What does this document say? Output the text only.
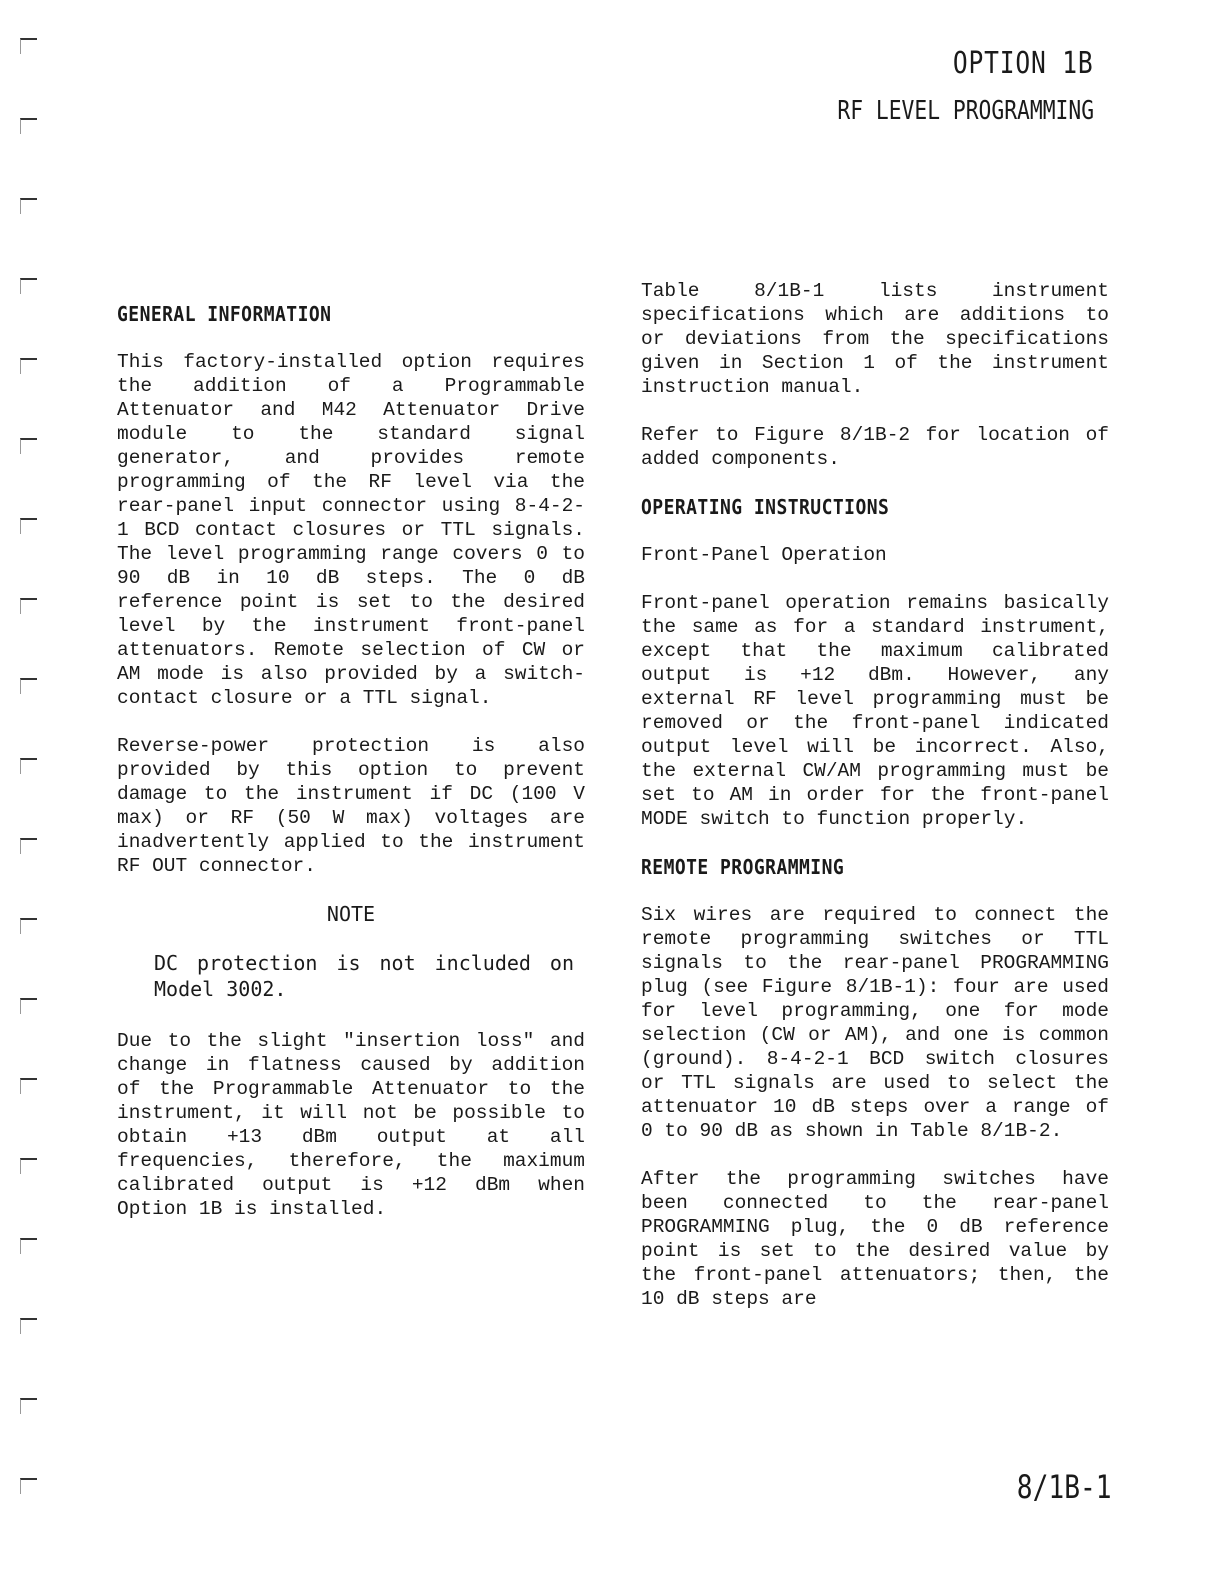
OPTION 1B
RF LEVEL PROGRAMMING
GENERAL INFORMATION

This factory-installed option requires the addition of a Programmable Attenuator and M42 Attenuator Drive module to the standard signal generator, and provides remote programming of the RF level via the rear-panel input connector using 8-4-2-1 BCD contact closures or TTL signals. The level programming range covers 0 to 90 dB in 10 dB steps. The 0 dB reference point is set to the desired level by the instrument front-panel attenuators. Remote selection of CW or AM mode is also provided by a switch-contact closure or a TTL signal.

Reverse-power protection is also provided by this option to prevent damage to the instrument if DC (100 V max) or RF (50 W max) voltages are inadvertently applied to the instrument RF OUT connector.

NOTE

DC protection is not included on Model 3002.

Due to the slight "insertion loss" and change in flatness caused by addition of the Programmable Attenuator to the instrument, it will not be possible to obtain +13 dBm output at all frequencies, therefore, the maximum calibrated output is +12 dBm when Option 1B is installed.

Table 8/1B-1 lists instrument specifications which are additions to or deviations from the specifications given in Section 1 of the instrument instruction manual.

Refer to Figure 8/1B-2 for location of added components.

OPERATING INSTRUCTIONS

Front-Panel Operation

Front-panel operation remains basically the same as for a standard instrument, except that the maximum calibrated output is +12 dBm. However, any external RF level programming must be removed or the front-panel indicated output level will be incorrect. Also, the external CW/AM programming must be set to AM in order for the front-panel MODE switch to function properly.

REMOTE PROGRAMMING

Six wires are required to connect the remote programming switches or TTL signals to the rear-panel PROGRAMMING plug (see Figure 8/1B-1): four are used for level programming, one for mode selection (CW or AM), and one is common (ground). 8-4-2-1 BCD switch closures or TTL signals are used to select the attenuator 10 dB steps over a range of 0 to 90 dB as shown in Table 8/1B-2.

After the programming switches have been connected to the rear-panel PROGRAMMING plug, the 0 dB reference point is set to the desired value by the front-panel attenuators; then, the 10 dB steps are

8/1B-1
